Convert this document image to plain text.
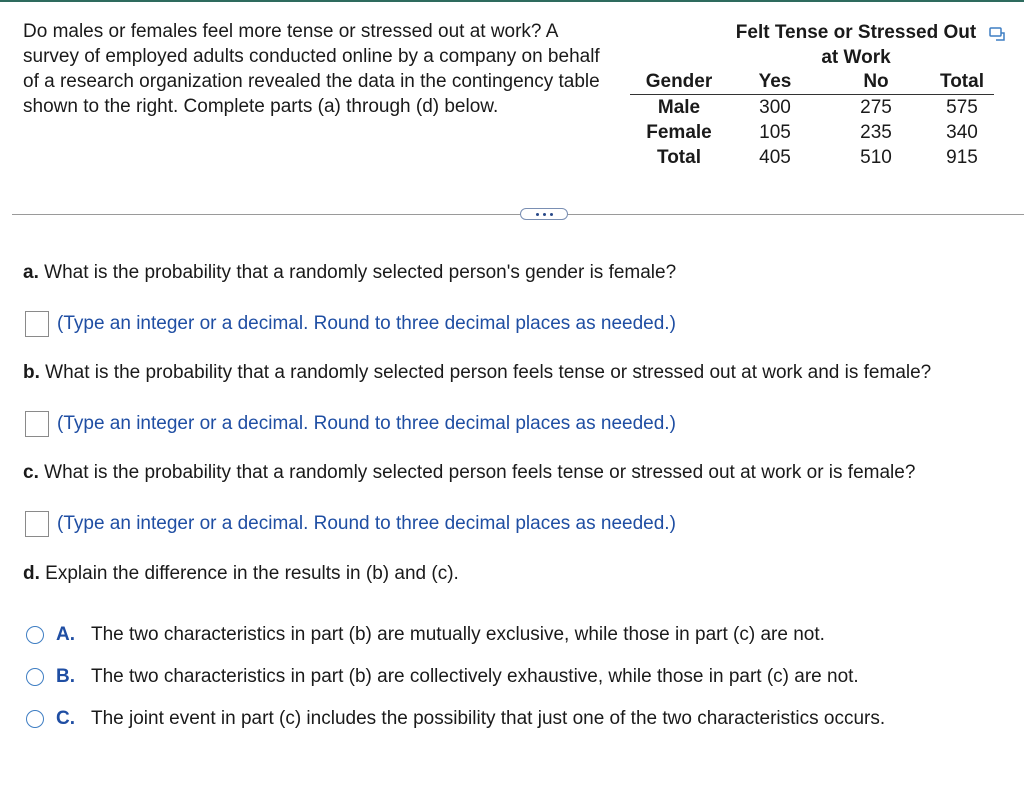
Do males or females feel more tense or stressed out at work? A survey of employed adults conducted online by a company on behalf of a research organization revealed the data in the contingency table shown to the right. Complete parts (a) through (d) below.

Felt Tense or Stressed Out at Work
Gender	Yes	No	Total
Male	300	275	575
Female	105	235	340
Total	405	510	915

a. What is the probability that a randomly selected person's gender is female?

(Type an integer or a decimal. Round to three decimal places as needed.)

b. What is the probability that a randomly selected person feels tense or stressed out at work and is female?

(Type an integer or a decimal. Round to three decimal places as needed.)

c. What is the probability that a randomly selected person feels tense or stressed out at work or is female?

(Type an integer or a decimal. Round to three decimal places as needed.)

d. Explain the difference in the results in (b) and (c).

A. The two characteristics in part (b) are mutually exclusive, while those in part (c) are not.
B. The two characteristics in part (b) are collectively exhaustive, while those in part (c) are not.
C. The joint event in part (c) includes the possibility that just one of the two characteristics occurs.
